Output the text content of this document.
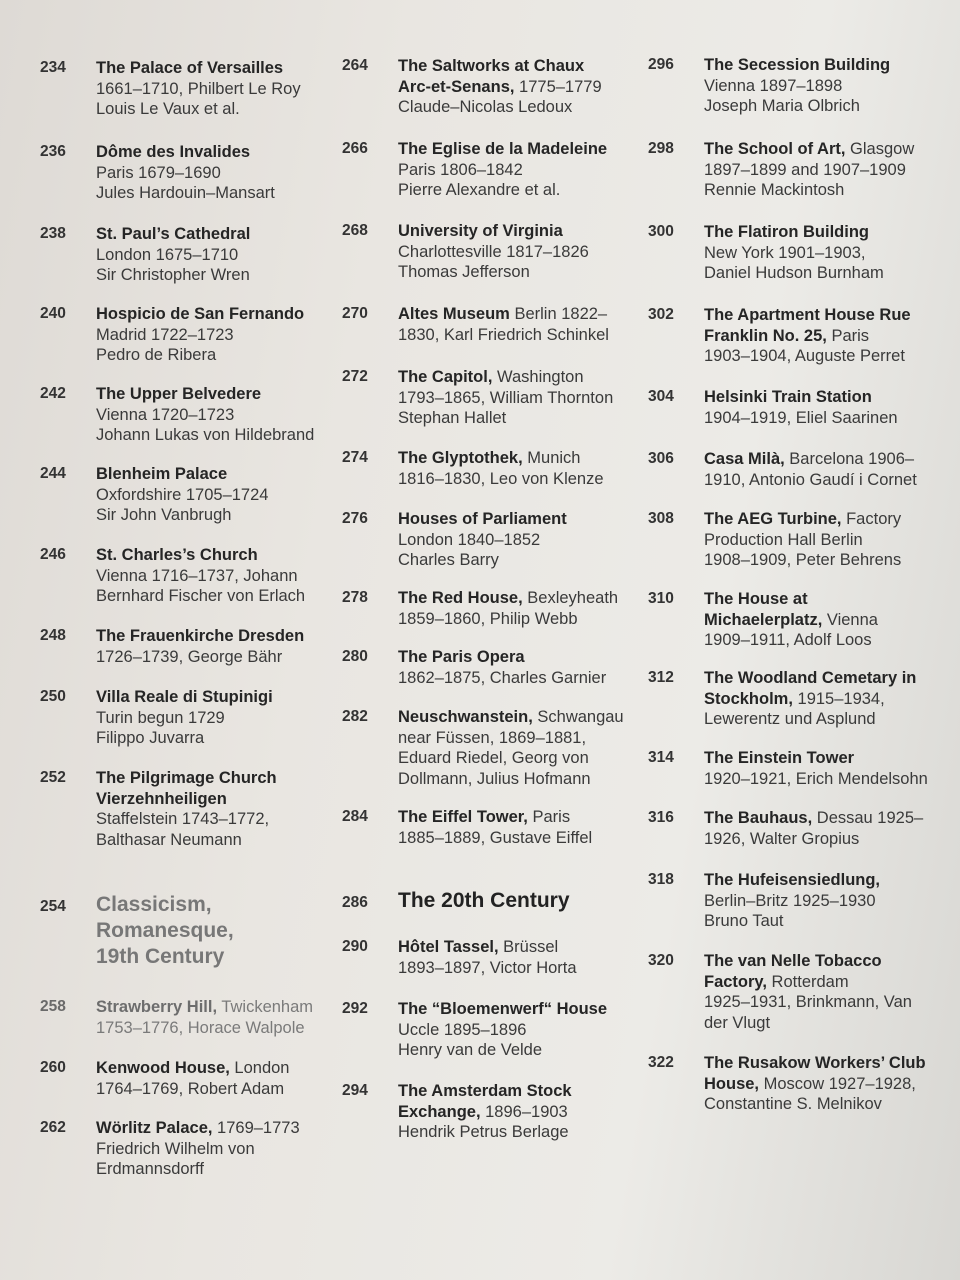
234	The Palace of Versailles
1661–1710, Philbert Le Roy
Louis Le Vaux et al.
236	Dôme des Invalides
Paris 1679–1690
Jules Hardouin–Mansart
238	St. Paul’s Cathedral
London 1675–1710
Sir Christopher Wren
240	Hospicio de San Fernando
Madrid 1722–1723
Pedro de Ribera
242	The Upper Belvedere
Vienna 1720–1723
Johann Lukas von Hildebrand
244	Blenheim Palace
Oxfordshire 1705–1724
Sir John Vanbrugh
246	St. Charles’s Church
Vienna 1716–1737, Johann
Bernhard Fischer von Erlach
248	The Frauenkirche Dresden
1726–1739, George Bähr
250	Villa Reale di Stupinigi
Turin begun 1729
Filippo Juvarra
252	The Pilgrimage Church
Vierzehnheiligen
Staffelstein 1743–1772,
Balthasar Neumann
254	Classicism,
Romanesque,
19th Century
258	Strawberry Hill, Twickenham
1753–1776, Horace Walpole
260	Kenwood House, London
1764–1769, Robert Adam
262	Wörlitz Palace, 1769–1773
Friedrich Wilhelm von
Erdmannsdorff
264	The Saltworks at Chaux
Arc-et-Senans, 1775–1779
Claude–Nicolas Ledoux
266	The Eglise de la Madeleine
Paris 1806–1842
Pierre Alexandre et al.
268	University of Virginia
Charlottesville 1817–1826
Thomas Jefferson
270	Altes Museum Berlin 1822–
1830, Karl Friedrich Schinkel
272	The Capitol, Washington
1793–1865, William Thornton
Stephan Hallet
274	The Glyptothek, Munich
1816–1830, Leo von Klenze
276	Houses of Parliament
London 1840–1852
Charles Barry
278	The Red House, Bexleyheath
1859–1860, Philip Webb
280	The Paris Opera
1862–1875, Charles Garnier
282	Neuschwanstein, Schwangau
near Füssen, 1869–1881,
Eduard Riedel, Georg von
Dollmann, Julius Hofmann
284	The Eiffel Tower, Paris
1885–1889, Gustave Eiffel
286	The 20th Century
290	Hôtel Tassel, Brüssel
1893–1897, Victor Horta
292	The “Bloemenwerf“ House
Uccle 1895–1896
Henry van de Velde
294	The Amsterdam Stock
Exchange, 1896–1903
Hendrik Petrus Berlage
296	The Secession Building
Vienna 1897–1898
Joseph Maria Olbrich
298	The School of Art, Glasgow
1897–1899 and 1907–1909
Rennie Mackintosh
300	The Flatiron Building
New York 1901–1903,
Daniel Hudson Burnham
302	The Apartment House Rue
Franklin No. 25, Paris
1903–1904, Auguste Perret
304	Helsinki Train Station
1904–1919, Eliel Saarinen
306	Casa Milà, Barcelona 1906–
1910, Antonio Gaudí i Cornet
308	The AEG Turbine, Factory
Production Hall Berlin
1908–1909, Peter Behrens
310	The House at
Michaelerplatz, Vienna
1909–1911, Adolf Loos
312	The Woodland Cemetary in
Stockholm, 1915–1934,
Lewerentz und Asplund
314	The Einstein Tower
1920–1921, Erich Mendelsohn
316	The Bauhaus, Dessau 1925–
1926, Walter Gropius
318	The Hufeisensiedlung,
Berlin–Britz 1925–1930
Bruno Taut
320	The van Nelle Tobacco
Factory, Rotterdam
1925–1931, Brinkmann, Van
der Vlugt
322	The Rusakow Workers’ Club
House, Moscow 1927–1928,
Constantine S. Melnikov
